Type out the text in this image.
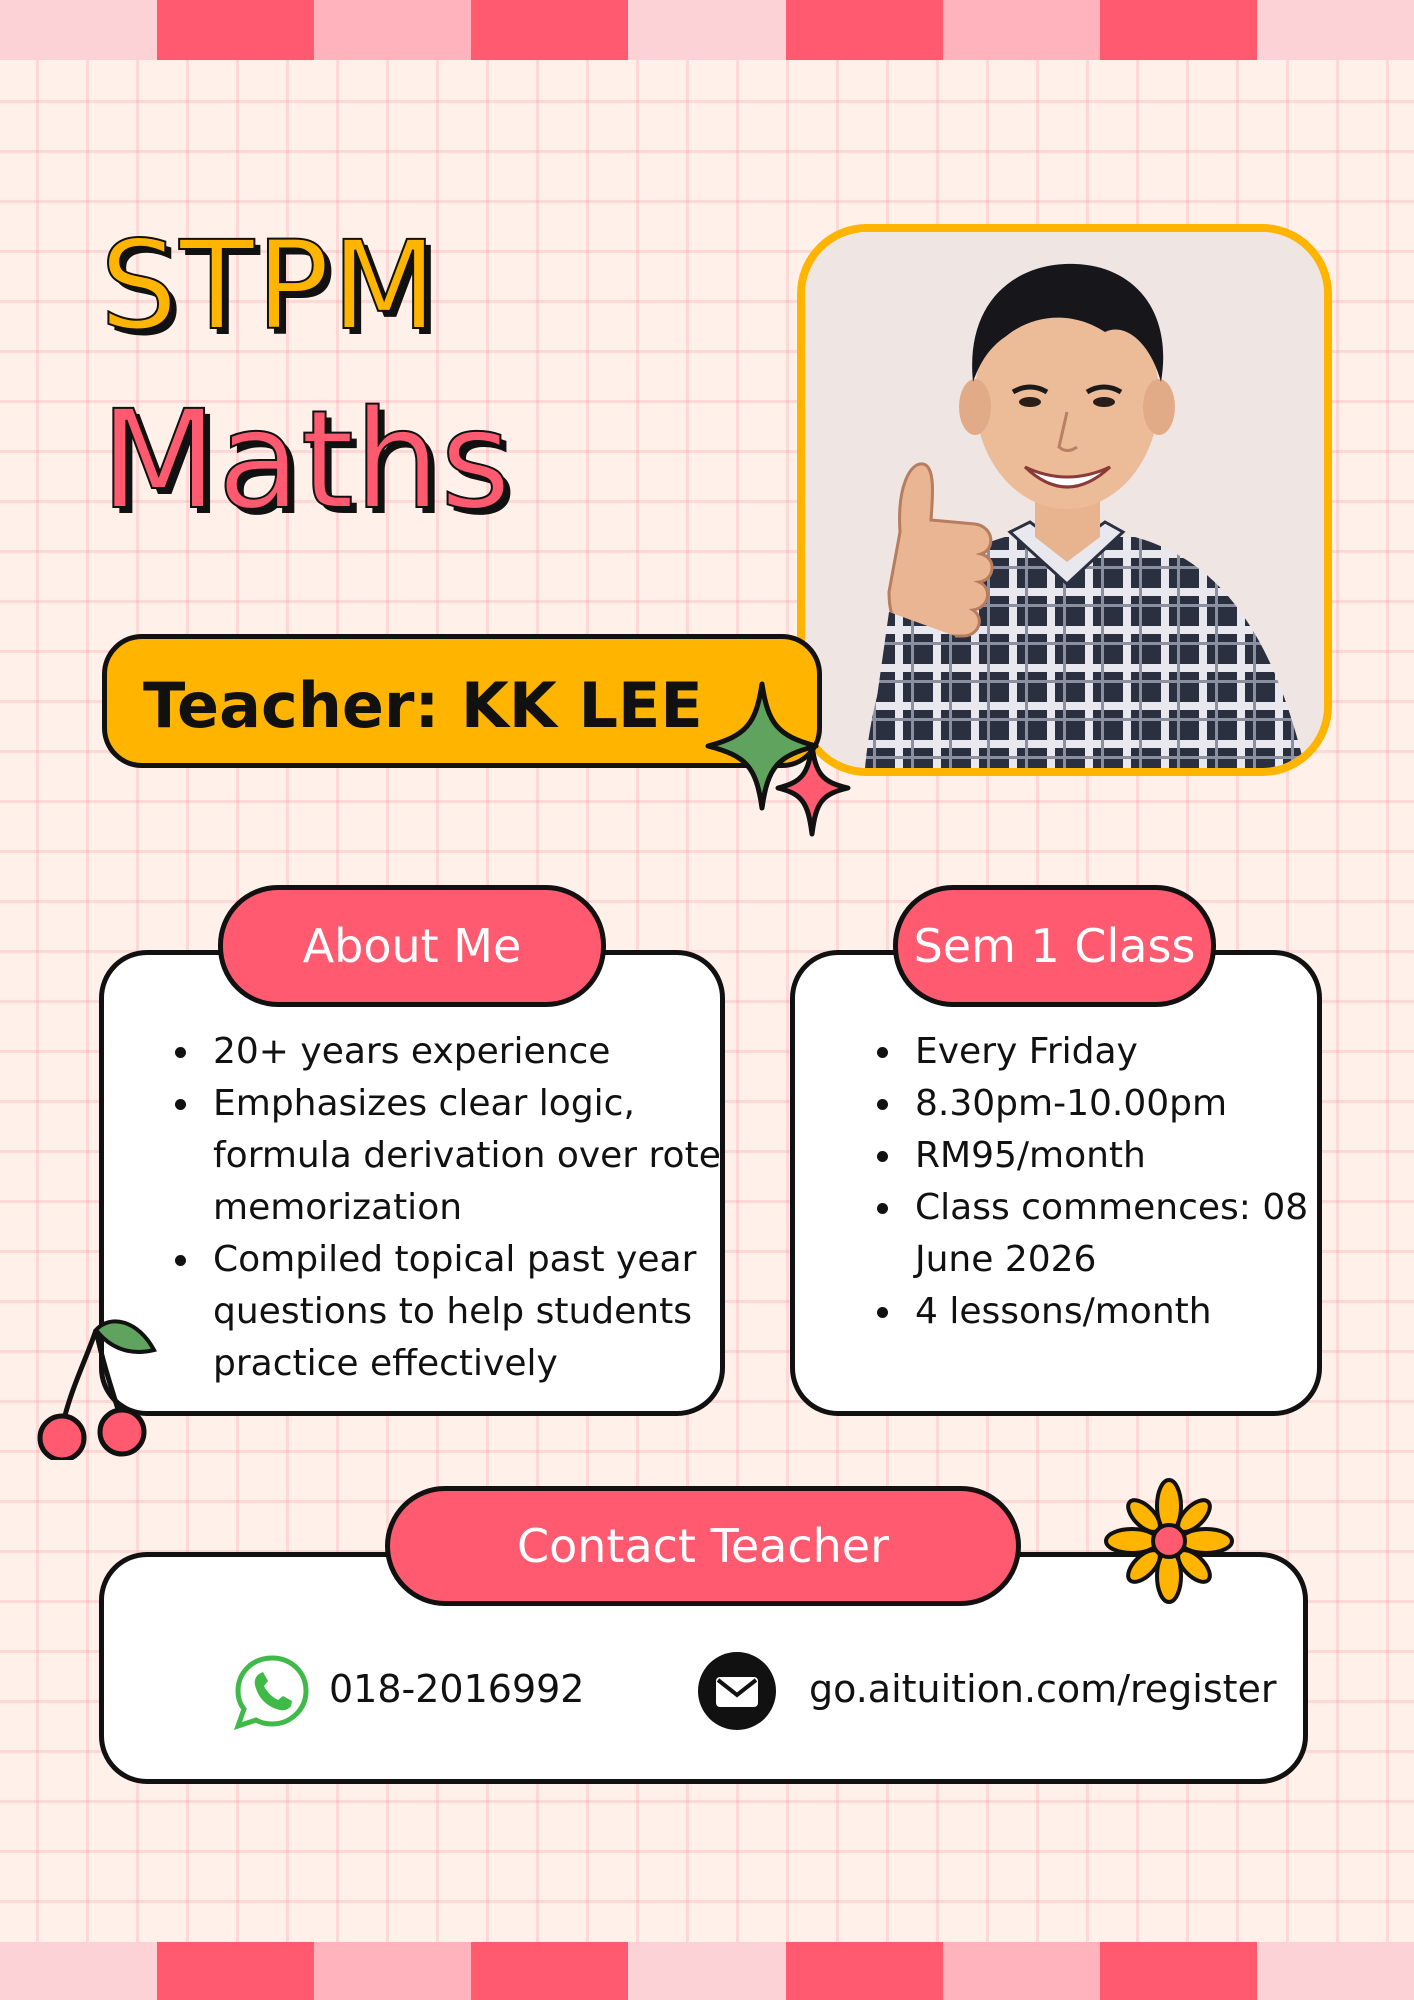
STPM
Maths
Teacher: KK LEE
About Me
• 20+ years experience
• Emphasizes clear logic, formula derivation over rote memorization
• Compiled topical past year questions to help students practice effectively
Sem 1 Class
• Every Friday
• 8.30pm-10.00pm
• RM95/month
• Class commences: 08 June 2026
• 4 lessons/month
Contact Teacher
018-2016992	go.aituition.com/register
